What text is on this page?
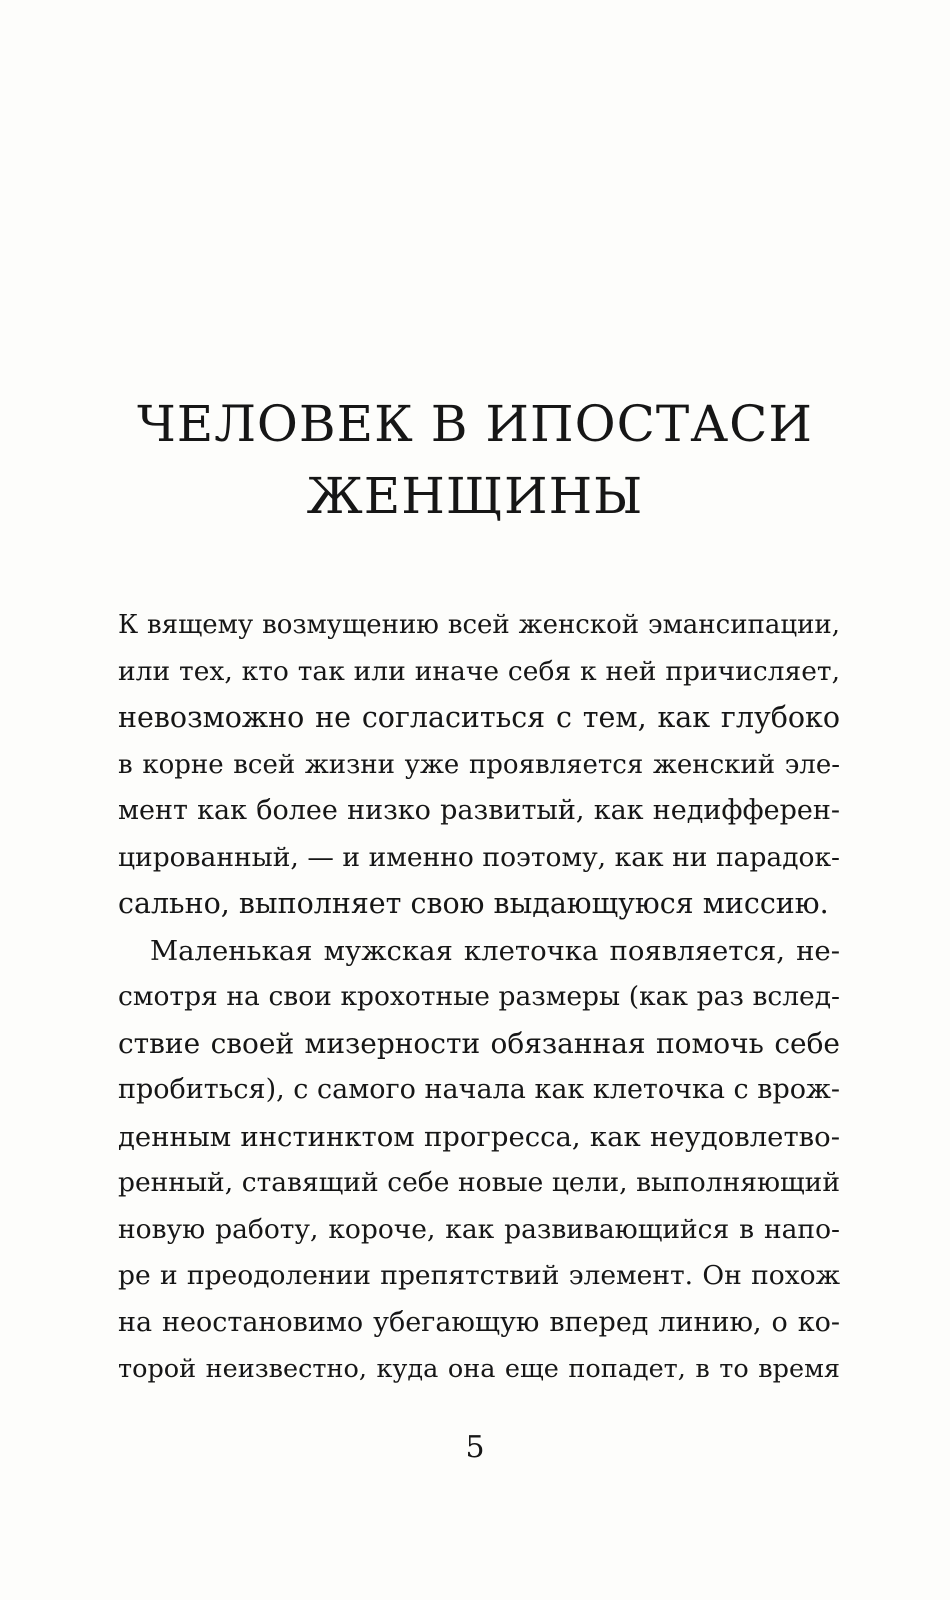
ЧЕЛОВЕК В ИПОСТАСИ
ЖЕНЩИНЫ
К вящему возмущению всей женской эмансипации,
или тех, кто так или иначе себя к ней причисляет,
невозможно не согласиться с тем, как глубоко
в корне всей жизни уже проявляется женский эле-
мент как более низко развитый, как недифферен-
цированный, — и именно поэтому, как ни парадок-
сально, выполняет свою выдающуюся миссию.
Маленькая мужская клеточка появляется, не-
смотря на свои крохотные размеры (как раз вслед-
ствие своей мизерности обязанная помочь себе
пробиться), с самого начала как клеточка с врож-
денным инстинктом прогресса, как неудовлетво-
ренный, ставящий себе новые цели, выполняющий
новую работу, короче, как развивающийся в напо-
ре и преодолении препятствий элемент. Он похож
на неостановимо убегающую вперед линию, о ко-
торой неизвестно, куда она еще попадет, в то время
5
